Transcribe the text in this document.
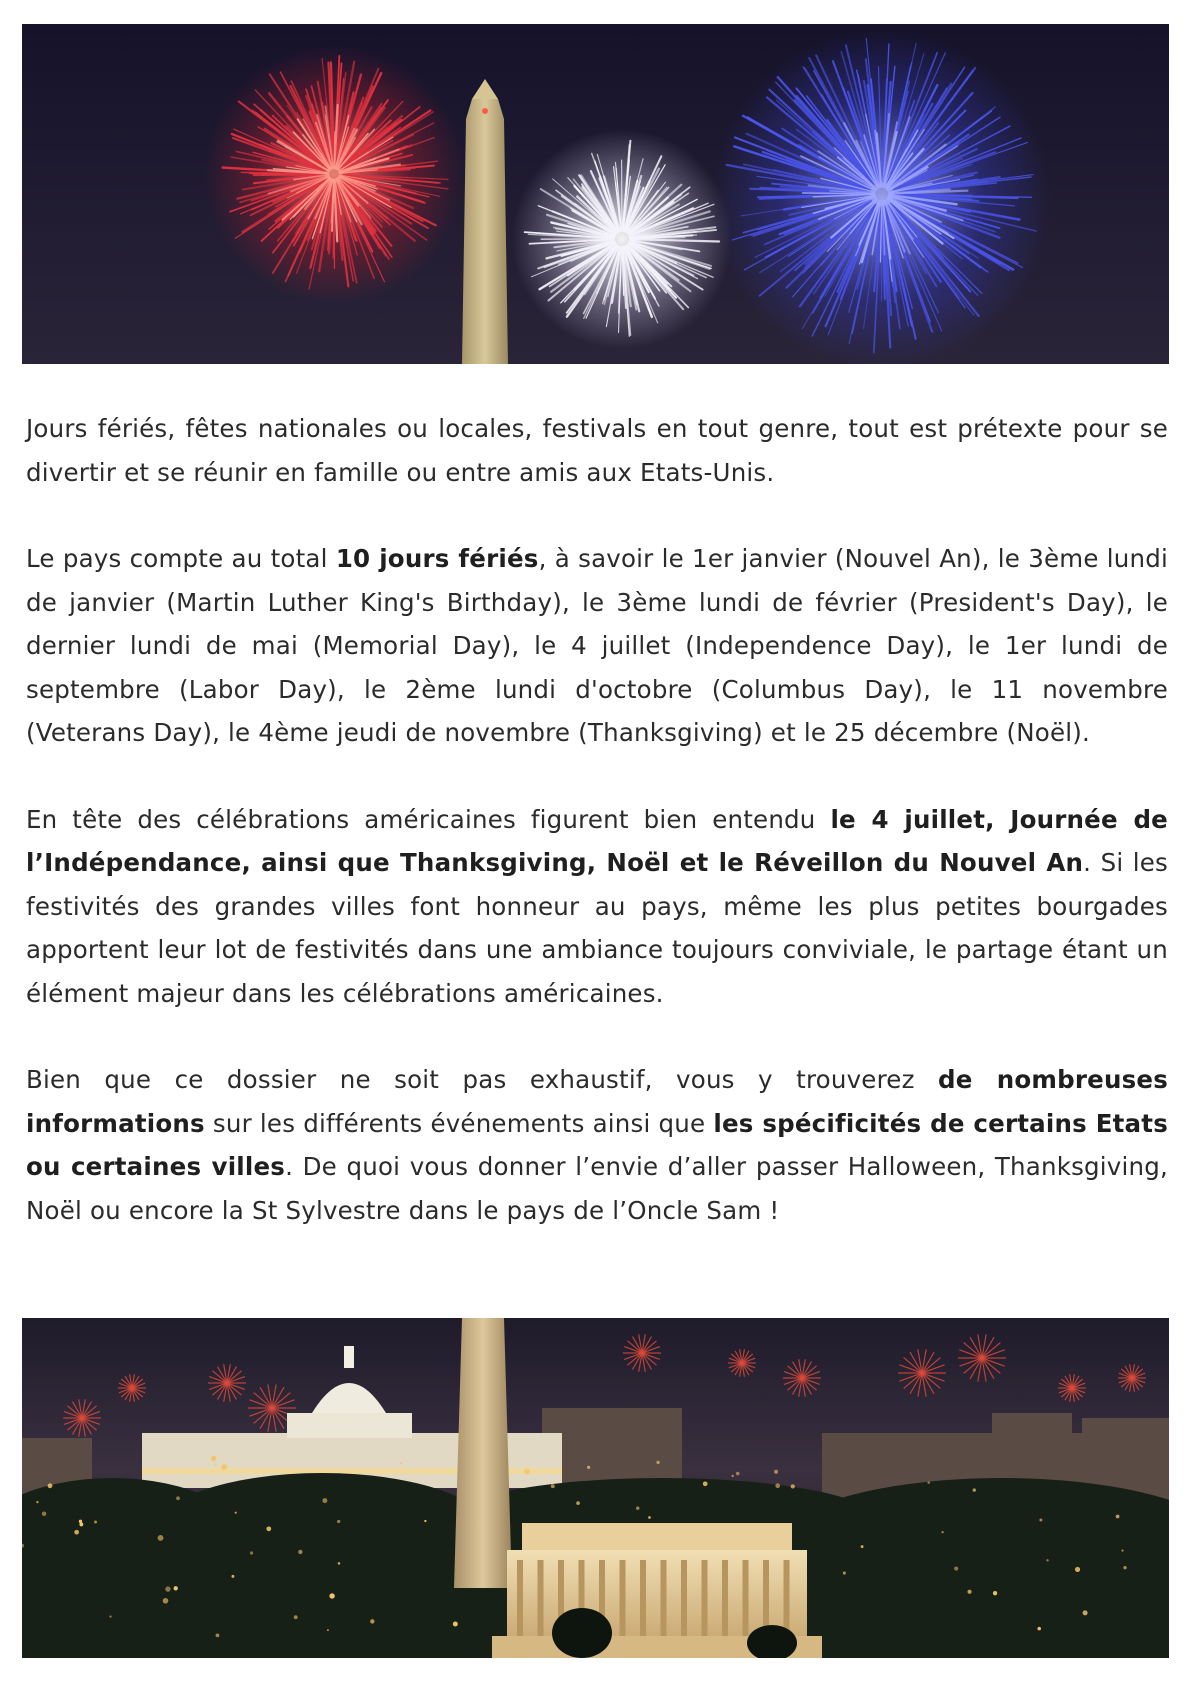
Jours fériés, fêtes nationales ou locales, festivals en tout genre, tout est prétexte pour se divertir et se réunir en famille ou entre amis aux Etats-Unis.

Le pays compte au total 10 jours fériés, à savoir le 1er janvier (Nouvel An), le 3ème lundi de janvier (Martin Luther King's Birthday), le 3ème lundi de février (President's Day), le dernier lundi de mai (Memorial Day), le 4 juillet (Independence Day), le 1er lundi de septembre (Labor Day), le 2ème lundi d'octobre (Columbus Day), le 11 novembre (Veterans Day), le 4ème jeudi de novembre (Thanksgiving) et le 25 décembre (Noël).

En tête des célébrations américaines figurent bien entendu le 4 juillet, Journée de l’Indépendance, ainsi que Thanksgiving, Noël et le Réveillon du Nouvel An. Si les festivités des grandes villes font honneur au pays, même les plus petites bourgades apportent leur lot de festivités dans une ambiance toujours conviviale, le partage étant un élément majeur dans les célébrations américaines.

Bien que ce dossier ne soit pas exhaustif, vous y trouverez de nombreuses informations sur les différents événements ainsi que les spécificités de certains Etats ou certaines villes. De quoi vous donner l’envie d’aller passer Halloween, Thanksgiving, Noël ou encore la St Sylvestre dans le pays de l’Oncle Sam !
